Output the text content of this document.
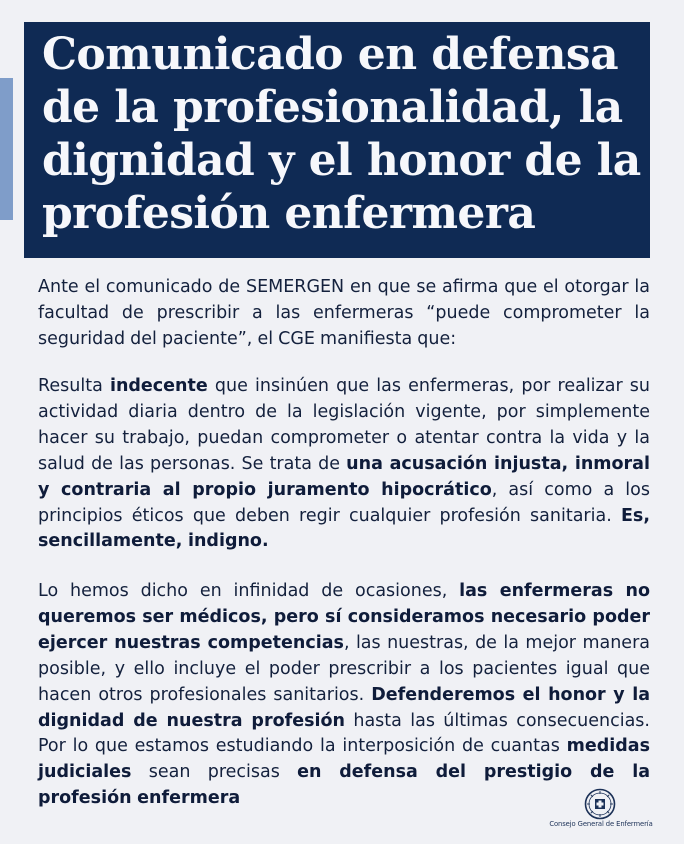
Comunicado en defensa de la profesionalidad, la dignidad y el honor de la profesión enfermera

Ante el comunicado de SEMERGEN en que se afirma que el otorgar la facultad de prescribir a las enfermeras “puede comprometer la seguridad del paciente”, el CGE manifiesta que:

Resulta indecente que insinúen que las enfermeras, por realizar su actividad diaria dentro de la legislación vigente, por simplemente hacer su trabajo, puedan comprometer o atentar contra la vida y la salud de las personas. Se trata de una acusación injusta, inmoral y contraria al propio juramento hipocrático, así como a los principios éticos que deben regir cualquier profesión sanitaria. Es, sencillamente, indigno.

Lo hemos dicho en infinidad de ocasiones, las enfermeras no queremos ser médicos, pero sí consideramos necesario poder ejercer nuestras competencias, las nuestras, de la mejor manera posible, y ello incluye el poder prescribir a los pacientes igual que hacen otros profesionales sanitarios. Defenderemos el honor y la dignidad de nuestra profesión hasta las últimas consecuencias. Por lo que estamos estudiando la interposición de cuantas medidas judiciales sean precisas en defensa del prestigio de la profesión enfermera

Consejo General de Enfermería
